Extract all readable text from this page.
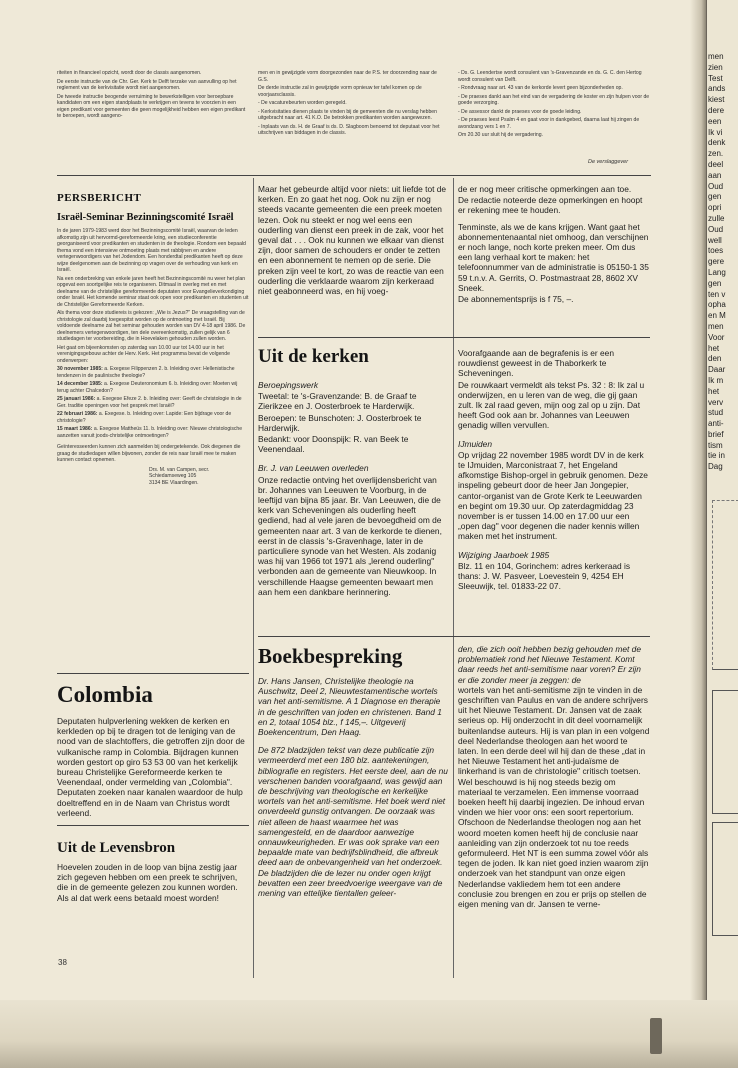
riteiten in financieel opzicht, wordt door de classis aangenomen.

De eerste instructie van de Chr. Ger. Kerk te Delft terzake van aanvulling op het reglement van de kerkvisitatie wordt niet aangenomen.

De tweede instructie beogende verruiming te bewerkstelligen voor beroepbare kandidaten om een eigen standplaats te verkrijgen en tevens te voorzien in een eigen predikant voor gemeenten die geen mogelijkheid hebben een eigen predikant te beroepen, wordt aangeno-

men en in gewijzigde vorm doorgezonden naar de P.S. ter doorzending naar de G.S.

De derde instructie zal in gewijzigde vorm opnieuw ter tafel komen op de voorjaarsclassis.

- De vacaturebeurten worden geregeld.

- Kerkvisitaties dienen plaats te vinden bij de gemeenten die nu verslag hebben uitgebracht naar art. 41 K.O. De betrokken predikanten worden aangewezen.

- Inplaats van ds. H. de Graaf is ds. D. Slagboom benoemd tot deputaat voor het uitschrijven van biddagen in de classis.

- Ds. G. Leendertse wordt consulent van 's-Gravenzande en ds. G. C. den Hertog wordt consulent van Delft.

- Rondvraag naar art. 43 van de kerkorde levert geen bijzonderheden op.

- De praeses dankt aan het eind van de vergadering de koster en zijn hulpen voor de goede verzorging.

- De assessor dankt de praeses voor de goede leiding.

- De praeses leest Psalm 4 en gaat voor in dankgebed, daarna laat hij zingen de avondzang vers 1 en 7.

Om 20.30 uur sluit hij de vergadering.

De verslaggever
PERSBERICHT
Israël-Seminar Bezinningscomité Israël

In de jaren 1979-1983 werd door het Bezinningscomité Israël, waarvan de leden afkomstig zijn uit hervormd-gereformeerde kring, een studieconferentie georganiseerd voor predikanten en studenten in de theologie. Rondom een bepaald thema vond een intensieve ontmoeting plaats met rabbijnen en andere vertegenwoordigers van het Jodendom. Een honderdtal predikanten heeft op deze wijze deelgenomen aan de bezinning op vragen over de verhouding van kerk en Israël.

Na een onderbreking van enkele jaren heeft het Bezinningscomité nu weer het plan opgevat een soortgelijke reis te organiseren. Ditmaal in overleg met en met deelname van de christelijke gereformeerde deputaten voor Evangelieverkondiging onder Israël. Het komende seminar staat ook open voor predikanten en studenten uit de Christelijke Gereformeerde Kerken.

Als thema voor deze studiereis is gekozen: „Wie is Jezus?" De vraagstelling van de christologie zal daarbij toegespitst worden op de ontmoeting met Israël. Bij voldoende deelname zal het seminar gehouden worden van DV 4-18 april 1986. De deelnemers vertegenwoordigen, ten dele overeenkomstig, zullen gelijk van 6 studiedagen ter voorbereiding, die in Hoevelaken gehouden zullen worden.

Het gaat om bijeenkomsten op zaterdag van 10.00 uur tot 14.00 uur in het verenigingsgebouw achter de Herv. Kerk. Het programma bevat de volgende onderwerpen:

30 november 1985: a. Exegese Filippenzen 2. b. Inleiding over: Hellenistische tendenzen in de paulinische theologie?

14 december 1985: a. Exegese Deuteronomium 6. b. Inleiding over: Moeten wij terug achter Chalcedon?

25 januari 1986: a. Exegese Efeze 2. b. Inleiding over: Geeft de christologie in de Ger. traditie openingen voor het gesprek met Israël?

22 februari 1986: a. Exegese. b. Inleiding over: Lapide: Een bijdrage voor de christologie?

15 maart 1986: a. Exegese Mattheüs 11. b. Inleiding over: Nieuwe christologische aanzetten vanuit joods-christelijke ontmoetingen?

Geïnteresseerden kunnen zich aanmelden bij ondergetekende. Ook diegenen die graag de studiedagen willen bijwonen, zonder de reis naar Israël mee te maken kunnen contact opnemen.

Drs. M. van Campen, secr.
Schiedamseweg 105
3134 BE Vlaardingen.

Colombia

Deputaten hulpverlening wekken de kerken en kerkleden op bij te dragen tot de leniging van de nood van de slachtoffers, die getroffen zijn door de vulkanische ramp in Colombia. Bijdragen kunnen worden gestort op giro 53 53 00 van het kerkelijk bureau Christelijke Gereformeerde kerken te Veenendaal, onder vermelding van „Colombia". Deputaten zoeken naar kanalen waardoor de hulp doeltreffend en in de Naam van Christus wordt verleend.

Uit de Levensbron

Hoevelen zouden in de loop van bijna zestig jaar zich gegeven hebben om een preek te schrijven, die in de gemeente gelezen zou kunnen worden. Als al dat werk eens betaald moest worden!

38

Maar het gebeurde altijd voor niets: uit liefde tot de kerken. En zo gaat het nog. Ook nu zijn er nog steeds vacante gemeenten die een preek moeten lezen. Ook nu steekt er nog wel eens een ouderling van dienst een preek in de zak, voor het geval dat . . . Ook nu kunnen we elkaar van dienst zijn, door samen de schouders er onder te zetten en een abonnement te nemen op de serie. Die preken zijn veel te kort, zo was de reactie van een ouderling die verklaarde waarom zijn kerkeraad niet geabonneerd was, en hij voeg-

de er nog meer critische opmerkingen aan toe.

De redactie noteerde deze opmerkingen en hoopt er rekening mee te houden.

Tenminste, als we de kans krijgen. Want gaat het abonnementenaantal niet omhoog, dan verschijnen er noch lange, noch korte preken meer. Om dus een lang verhaal kort te maken: het telefoonnummer van de administratie is 05150-1 35 59 t.n.v. A. Gerrits, O. Postmastraat 28, 8602 XV Sneek.

De abonnementsprijs is f 75, –.

Uit de kerken

Beroepingswerk

Tweetal: te 's-Gravenzande: B. de Graaf te Zierikzee en J. Oosterbroek te Harderwijk.

Beroepen: te Bunschoten: J. Oosterbroek te Harderwijk.

Bedankt: voor Doonspijk: R. van Beek te Veenendaal.

Br. J. van Leeuwen overleden

Onze redactie ontving het overlijdensbericht van br. Johannes van Leeuwen te Voorburg, in de leeftijd van bijna 85 jaar. Br. Van Leeuwen, die de kerk van Scheveningen als ouderling heeft gediend, had al vele jaren de bevoegdheid om de gemeenten naar art. 3 van de kerkorde te dienen, eerst in de classis 's-Gravenhage, later in de particuliere synode van het Westen. Als zodanig was hij van 1966 tot 1971 als „lerend ouderling" verbonden aan de gemeente van Nieuwkoop. In verschillende Haagse gemeenten bewaart men aan hem een dankbare herinnering.

Voorafgaande aan de begrafenis is er een rouwdienst geweest in de Thaborkerk te Scheveningen.

De rouwkaart vermeldt als tekst Ps. 32 : 8: Ik zal u onderwijzen, en u leren van de weg, die gij gaan zult. Ik zal raad geven, mijn oog zal op u zijn. Dat heeft God ook aan br. Johannes van Leeuwen genadig willen vervullen.

IJmuiden

Op vrijdag 22 november 1985 wordt DV in de kerk te IJmuiden, Marconistraat 7, het Engeland afkomstige Bishop-orgel in gebruik genomen. Deze inspeling gebeurt door de heer Jan Jongepier, cantor-organist van de Grote Kerk te Leeuwarden en begint om 19.30 uur. Op zaterdagmiddag 23 november is er tussen 14.00 en 17.00 uur een „open dag" voor degenen die nader kennis willen maken met het instrument.

Wijziging Jaarboek 1985

Blz. 11 en 104, Gorinchem: adres kerkeraad is thans: J. W. Pasveer, Loevestein 9, 4254 EH Sleeuwijk, tel. 01833-22 07.

Boekbespreking

Dr. Hans Jansen, Christelijke theologie na Auschwitz, Deel 2, Nieuwtestamentische wortels van het anti-semitisme. A 1 Diagnose en therapie in de geschriften van joden en christenen. Band 1 en 2, totaal 1054 blz., f 145,–. Uitgeverij Boekencentrum, Den Haag.

De 872 bladzijden tekst van deze publicatie zijn vermeerderd met een 180 blz. aantekeningen, bibliografie en registers. Het eerste deel, aan de nu verschenen banden voorafgaand, was gewijd aan de beschrijving van theologische en kerkelijke wortels van het anti-semitisme. Het boek werd niet onverdeeld gunstig ontvangen. De oorzaak was niet alleen de haast waarmee het was samengesteld, en de daardoor aanwezige onnauwkeurigheden. Er was ook sprake van een bepaalde mate van bedrijfsblindheid, die afbreuk deed aan de onbevangenheid van het onderzoek. De bladzijden die de lezer nu onder ogen krijgt bevatten een zeer breedvoerige weergave van de mening van ettelijke tientallen geleer-

den, die zich ooit hebben bezig gehouden met de problematiek rond het Nieuwe Testament. Komt daar reeds het anti-semitisme naar voren? Er zijn er die zonder meer ja zeggen: de

wortels van het anti-semitisme zijn te vinden in de geschriften van Paulus en van de andere schrijvers uit het Nieuwe Testament. Dr. Jansen vat de zaak serieus op. Hij onderzocht in dit deel voornamelijk buitenlandse auteurs. Hij is van plan in een volgend deel Nederlandse theologen aan het woord te laten. In een derde deel wil hij dan de these „dat in het Nieuwe Testament het anti-judaïsme de linkerhand is van de christologie" critisch toetsen. Wel beschouwd is hij nog steeds bezig om materiaal te verzamelen. Een immense voorraad boeken heeft hij daarbij ingezien. De inhoud ervan vinden we hier voor ons: een soort repertorium. Ofschoon de Nederlandse theologen nog aan het woord moeten komen heeft hij de conclusie naar aanleiding van zijn onderzoek tot nu toe reeds geformuleerd. Het NT is een summa zowel vóór als tegen de joden. Ik kan niet goed inzien waarom zijn onderzoek van het standpunt van onze eigen Nederlandse vakliedem hem tot een andere conclusie zou brengen en zou er prijs op stellen de eigen mening van dr. Jansen te verne-

men
zien
Test
ands
kiest
dere
een
Ik vi
denk
zen.
deel
aan
Oud
gen
opri
zulle
Oud
well
toes
gere
Lang
gen
ten v
opha
en M
men
Voor
het
den
Daar
Ik m
het
verv
stud
anti-
brief
tism
tie in
Dag
